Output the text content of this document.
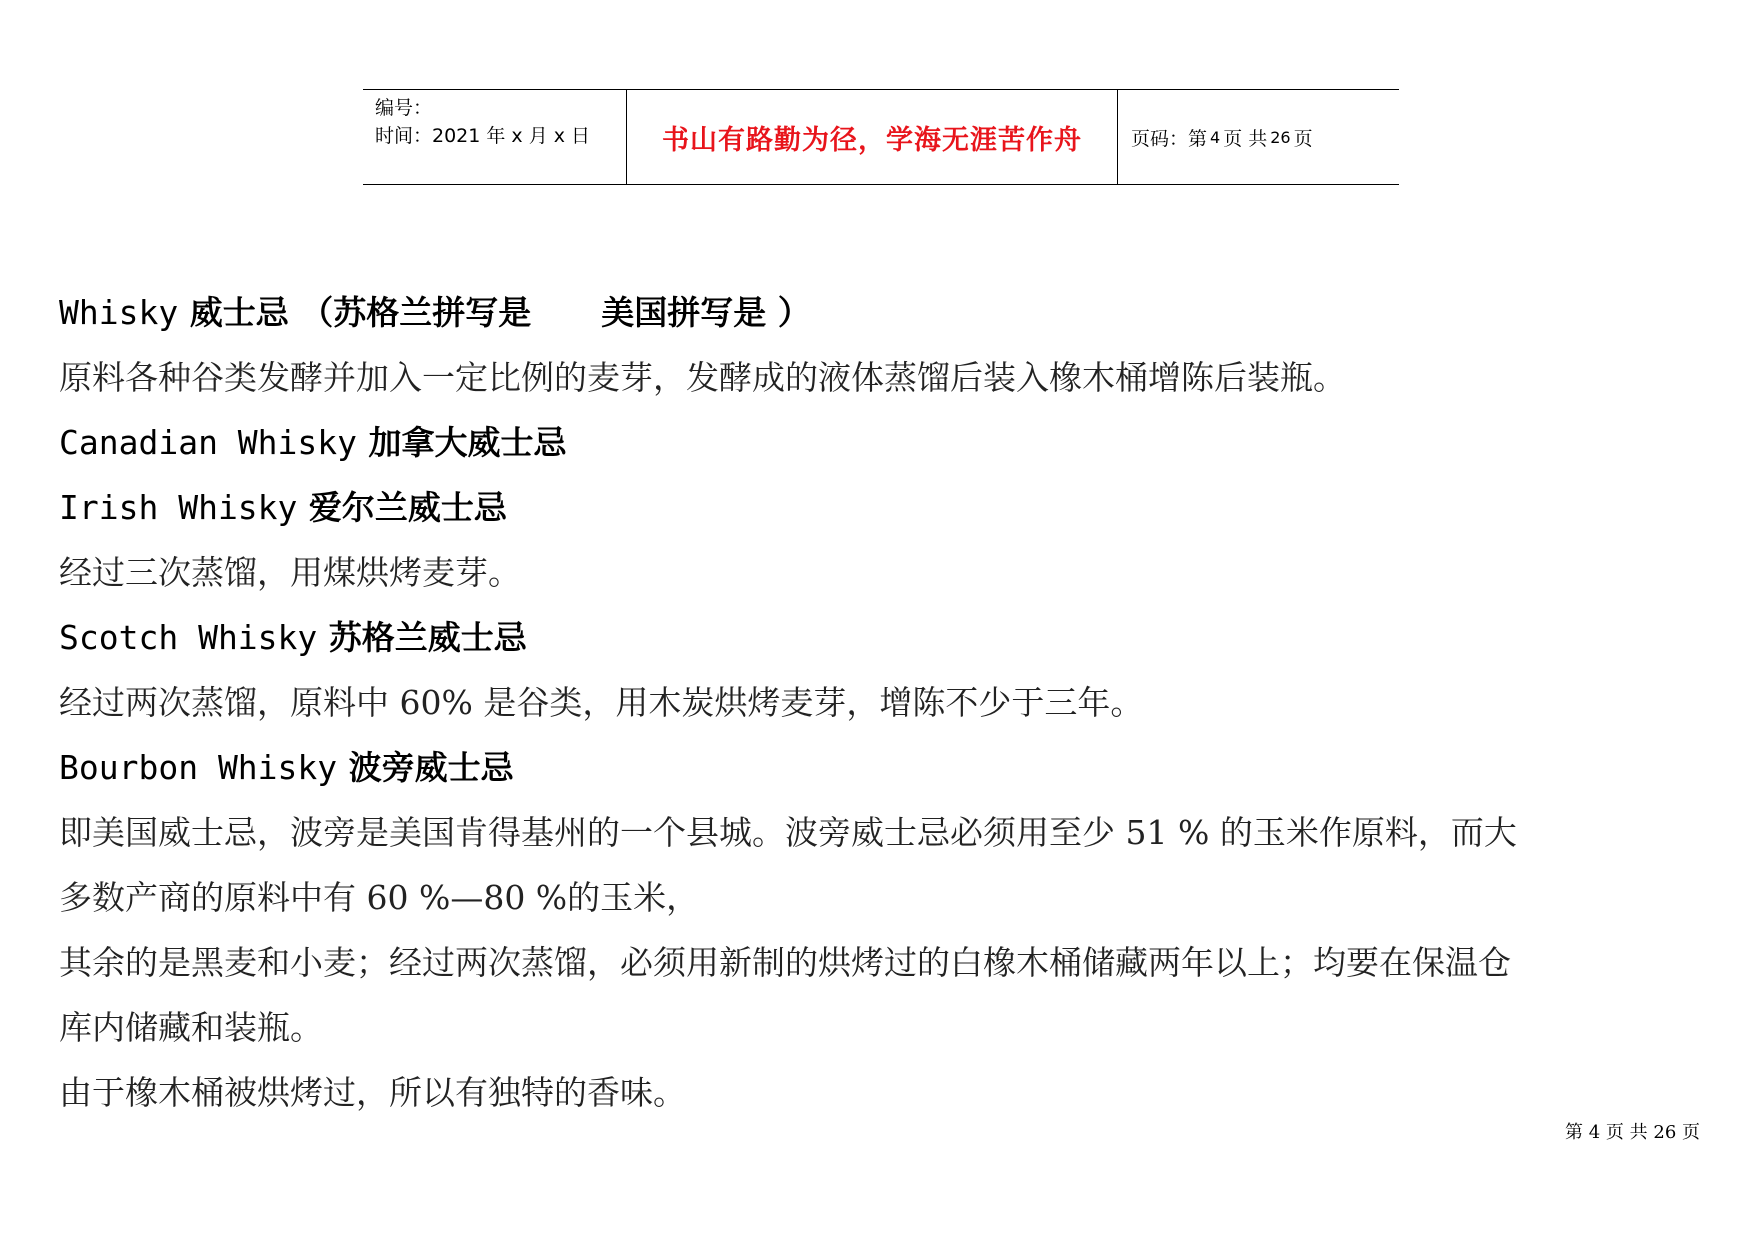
编号：
时间：2021 年 x 月 x 日	书山有路勤为径，学海无涯苦作舟	页码：第 4 页 共 26 页
Whisky 威士忌 （苏格兰拼写是 美国拼写是 ）
原料各种谷类发酵并加入一定比例的麦芽，发酵成的液体蒸馏后装入橡木桶增陈后装瓶。
Canadian Whisky 加拿大威士忌
Irish Whisky 爱尔兰威士忌
经过三次蒸馏，用煤烘烤麦芽。
Scotch Whisky 苏格兰威士忌
经过两次蒸馏，原料中 60% 是谷类，用木炭烘烤麦芽，增陈不少于三年。
Bourbon Whisky 波旁威士忌
即美国威士忌，波旁是美国肯得基州的一个县城。波旁威士忌必须用至少 51 % 的玉米作原料，而大
多数产商的原料中有 60 %—80 %的玉米，
其余的是黑麦和小麦；经过两次蒸馏，必须用新制的烘烤过的白橡木桶储藏两年以上；均要在保温仓
库内储藏和装瓶。
由于橡木桶被烘烤过，所以有独特的香味。
第 4 页 共 26 页
